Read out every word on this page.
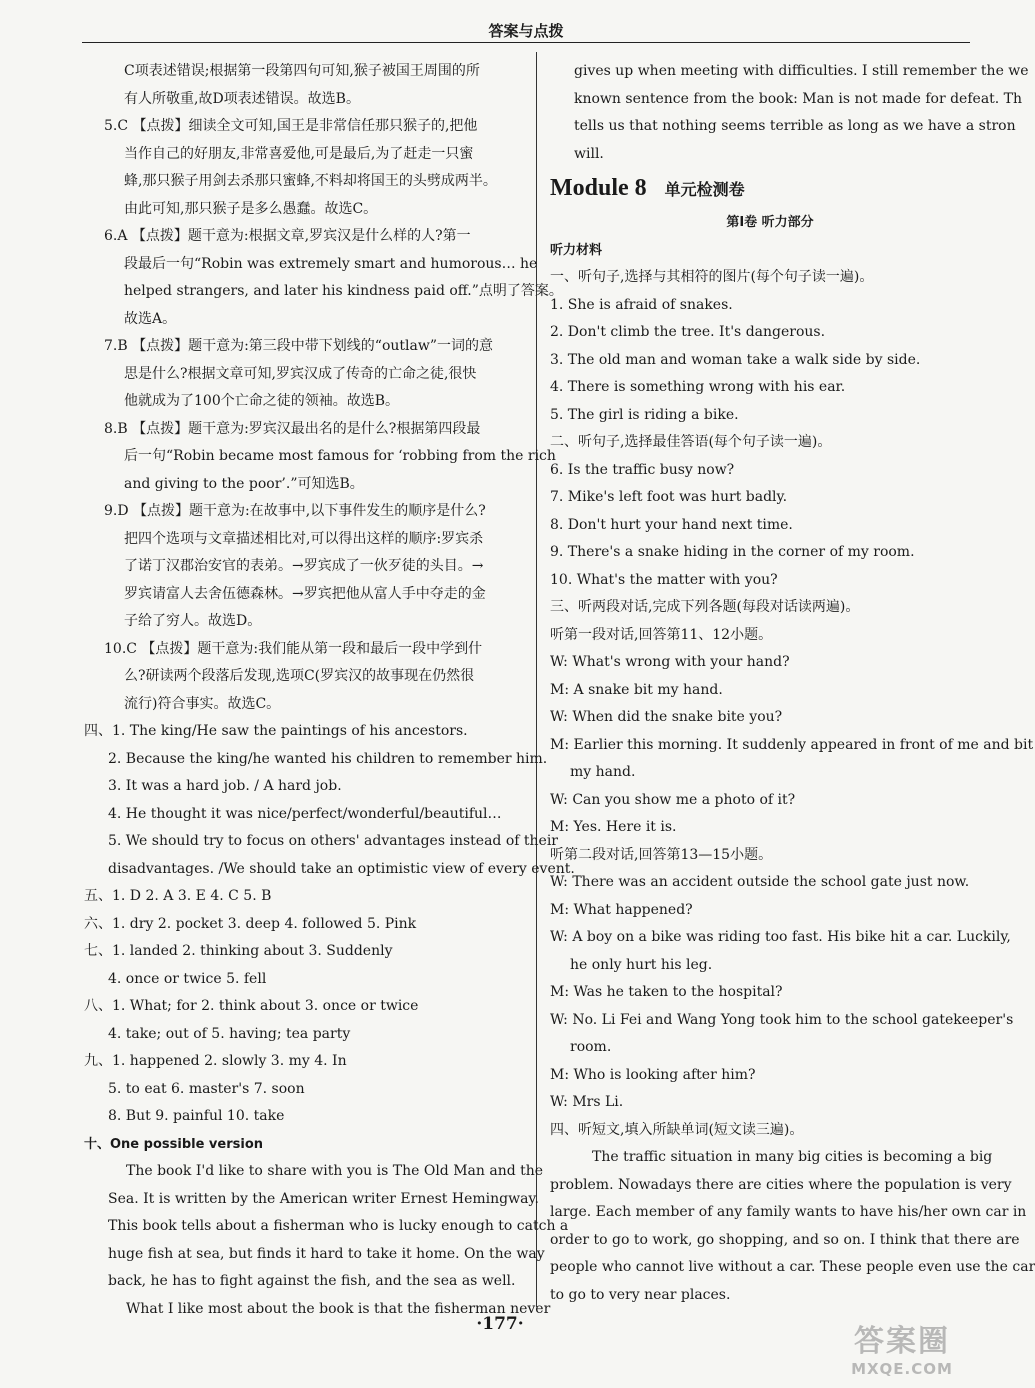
答案与点拨
C项表述错误;根据第一段第四句可知,猴子被国王周围的所
有人所敬重,故D项表述错误。故选B。
5.C 【点拨】细读全文可知,国王是非常信任那只猴子的,把他
当作自己的好朋友,非常喜爱他,可是最后,为了赶走一只蜜
蜂,那只猴子用剑去杀那只蜜蜂,不料却将国王的头劈成两半。
由此可知,那只猴子是多么愚蠢。故选C。
6.A 【点拨】题干意为:根据文章,罗宾汉是什么样的人?第一
段最后一句“Robin was extremely smart and humorous… he
helped strangers, and later his kindness paid off.”点明了答案。
故选A。
7.B 【点拨】题干意为:第三段中带下划线的“outlaw”一词的意
思是什么?根据文章可知,罗宾汉成了传奇的亡命之徒,很快
他就成为了100个亡命之徒的领袖。故选B。
8.B 【点拨】题干意为:罗宾汉最出名的是什么?根据第四段最
后一句“Robin became most famous for ‘robbing from the rich
and giving to the poor’.”可知选B。
9.D 【点拨】题干意为:在故事中,以下事件发生的顺序是什么?
把四个选项与文章描述相比对,可以得出这样的顺序:罗宾杀
了诺丁汉郡治安官的表弟。→罗宾成了一伙歹徒的头目。→
罗宾请富人去舍伍德森林。→罗宾把他从富人手中夺走的金
子给了穷人。故选D。
10.C 【点拨】题干意为:我们能从第一段和最后一段中学到什
么?研读两个段落后发现,选项C(罗宾汉的故事现在仍然很
流行)符合事实。故选C。
四、1. The king/He saw the paintings of his ancestors.
2. Because the king/he wanted his children to remember him.
3. It was a hard job. / A hard job.
4. He thought it was nice/perfect/wonderful/beautiful…
5. We should try to focus on others' advantages instead of their
disadvantages. /We should take an optimistic view of every event.
五、1. D 2. A 3. E 4. C 5. B
六、1. dry 2. pocket 3. deep 4. followed 5. Pink
七、1. landed 2. thinking about 3. Suddenly
4. once or twice 5. fell
八、1. What; for 2. think about 3. once or twice
4. take; out of 5. having; tea party
九、1. happened 2. slowly 3. my 4. In
5. to eat 6. master's 7. soon
8. But 9. painful 10. take
十、One possible version
The book I'd like to share with you is The Old Man and the
Sea. It is written by the American writer Ernest Hemingway.
This book tells about a fisherman who is lucky enough to catch a
huge fish at sea, but finds it hard to take it home. On the way
back, he has to fight against the fish, and the sea as well.
What I like most about the book is that the fisherman never
gives up when meeting with difficulties. I still remember the we
known sentence from the book: Man is not made for defeat. Th
tells us that nothing seems terrible as long as we have a stron
will.
Module 8 单元检测卷
第Ⅰ卷 听力部分
听力材料
一、听句子,选择与其相符的图片(每个句子读一遍)。
1. She is afraid of snakes.
2. Don't climb the tree. It's dangerous.
3. The old man and woman take a walk side by side.
4. There is something wrong with his ear.
5. The girl is riding a bike.
二、听句子,选择最佳答语(每个句子读一遍)。
6. Is the traffic busy now?
7. Mike's left foot was hurt badly.
8. Don't hurt your hand next time.
9. There's a snake hiding in the corner of my room.
10. What's the matter with you?
三、听两段对话,完成下列各题(每段对话读两遍)。
听第一段对话,回答第11、12小题。
W: What's wrong with your hand?
M: A snake bit my hand.
W: When did the snake bite you?
M: Earlier this morning. It suddenly appeared in front of me and bit
my hand.
W: Can you show me a photo of it?
M: Yes. Here it is.
听第二段对话,回答第13—15小题。
W: There was an accident outside the school gate just now.
M: What happened?
W: A boy on a bike was riding too fast. His bike hit a car. Luckily,
he only hurt his leg.
M: Was he taken to the hospital?
W: No. Li Fei and Wang Yong took him to the school gatekeeper's
room.
M: Who is looking after him?
W: Mrs Li.
四、听短文,填入所缺单词(短文读三遍)。
The traffic situation in many big cities is becoming a big
problem. Nowadays there are cities where the population is very
large. Each member of any family wants to have his/her own car in
order to go to work, go shopping, and so on. I think that there are
people who cannot live without a car. These people even use the car
to go to very near places.
·177·	答案圈
MXQE.COM
